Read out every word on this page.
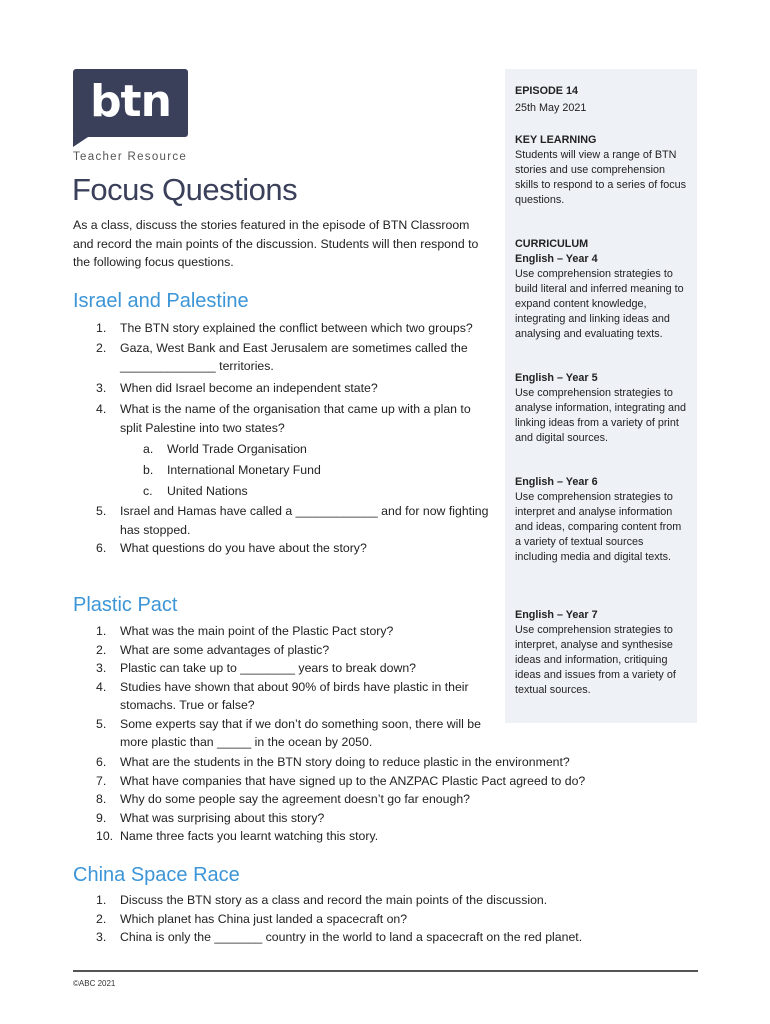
btn
Teacher Resource
Focus Questions

As a class, discuss the stories featured in the episode of BTN Classroom and record the main points of the discussion. Students will then respond to the following focus questions.

Israel and Palestine
1. The BTN story explained the conflict between which two groups?
2. Gaza, West Bank and East Jerusalem are sometimes called the ______________ territories.
3. When did Israel become an independent state?
4. What is the name of the organisation that came up with a plan to split Palestine into two states?
a. World Trade Organisation
b. International Monetary Fund
c. United Nations
5. Israel and Hamas have called a ____________ and for now fighting has stopped.
6. What questions do you have about the story?
Plastic Pact
1. What was the main point of the Plastic Pact story?
2. What are some advantages of plastic?
3. Plastic can take up to ________ years to break down?
4. Studies have shown that about 90% of birds have plastic in their stomachs. True or false?
5. Some experts say that if we don’t do something soon, there will be more plastic than _____ in the ocean by 2050.
6. What are the students in the BTN story doing to reduce plastic in the environment?
7. What have companies that have signed up to the ANZPAC Plastic Pact agreed to do?
8. Why do some people say the agreement doesn’t go far enough?
9. What was surprising about this story?
10. Name three facts you learnt watching this story.
China Space Race
1. Discuss the BTN story as a class and record the main points of the discussion.
2. Which planet has China just landed a spacecraft on?
3. China is only the _______ country in the world to land a spacecraft on the red planet.
EPISODE 14
25th May 2021
KEY LEARNING
Students will view a range of BTN stories and use comprehension skills to respond to a series of focus questions.
CURRICULUM
English – Year 4
Use comprehension strategies to build literal and inferred meaning to expand content knowledge, integrating and linking ideas and analysing and evaluating texts.
English – Year 5
Use comprehension strategies to analyse information, integrating and linking ideas from a variety of print and digital sources.
English – Year 6
Use comprehension strategies to interpret and analyse information and ideas, comparing content from a variety of textual sources including media and digital texts.
English – Year 7
Use comprehension strategies to interpret, analyse and synthesise ideas and information, critiquing ideas and issues from a variety of textual sources.
©ABC 2021
